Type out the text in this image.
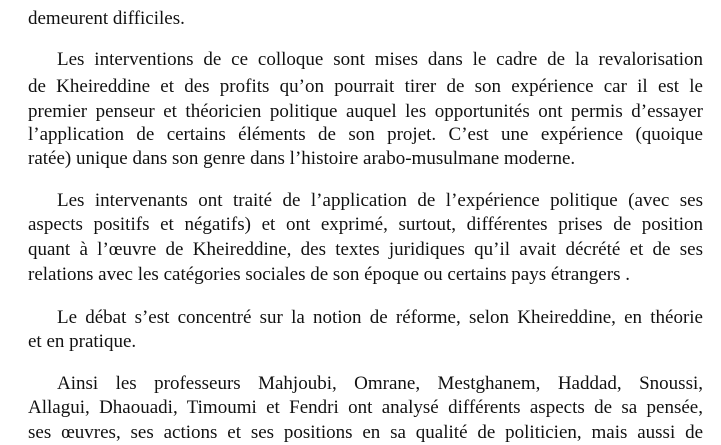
demeurent difficiles.
Les interventions de ce colloque sont mises dans le cadre de la revalorisation
de Kheireddine et des profits qu’on pourrait tirer de son expérience car il est le
premier penseur et théoricien politique auquel les opportunités ont permis d’essayer
l’application de certains éléments de son projet. C’est une expérience (quoique
ratée) unique dans son genre dans l’histoire arabo-musulmane moderne.
Les intervenants ont traité de l’application de l’expérience politique (avec ses
aspects positifs et négatifs) et ont exprimé, surtout, différentes prises de position
quant à l’œuvre de Kheireddine, des textes juridiques qu’il avait décrété et de ses
relations avec les catégories sociales de son époque ou certains pays étrangers .
Le débat s’est concentré sur la notion de réforme, selon Kheireddine, en théorie
et en pratique.
Ainsi les professeurs Mahjoubi, Omrane, Mestghanem, Haddad, Snoussi,
Allagui, Dhaouadi, Timoumi et Fendri ont analysé différents aspects de sa pensée,
ses œuvres, ses actions et ses positions en sa qualité de politicien, mais aussi de
